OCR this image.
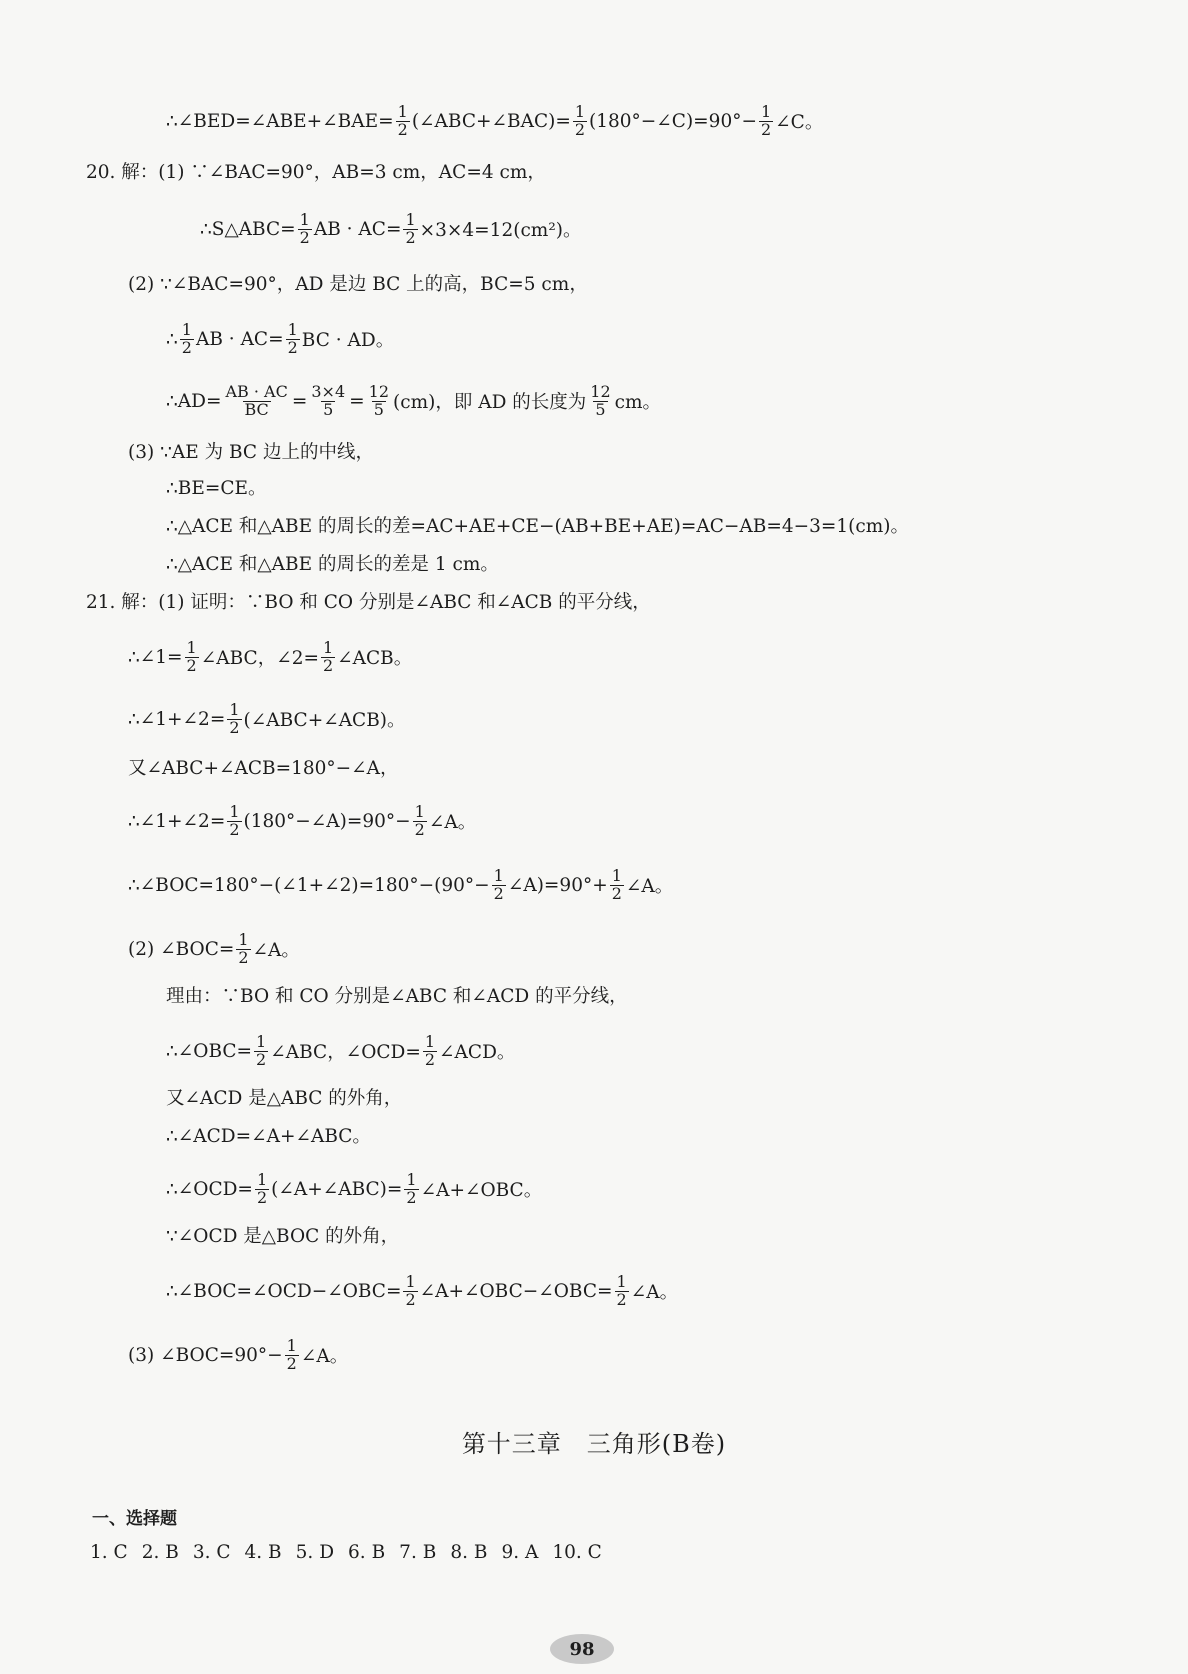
∴∠BED=∠ABE+∠BAE= $\frac{1}{2}$ (∠ABC+∠BAC)= $\frac{1}{2}$ (180°−∠C)=90°− $\frac{1}{2}$ ∠C。
20. 解：(1) ∵∠BAC=90°，AB=3 cm，AC=4 cm，
∴S△ABC= $\frac{1}{2}$ AB · $AC= \frac{1}{2} \times 3\times 4=12(cm^2)$。
(2) ∵∠BAC=90°，AD 是边 BC 上的高，BC=5 cm，
∴ $\frac{1}{2}$ AB · $AC= \frac{1}{2}$ BC · AD。
∴AD= $\frac{AB \cdot AC}{BC} = \frac{3\times 4}{5} = \frac{12}{5} (cm)$，即 AD 的长度为 $\frac{12}{5}$ cm。
(3) ∵AE 为 BC 边上的中线，
∴BE=CE。
∴△ACE 和△ABE 的周长的差=AC+AE+CE−(AB+BE+AE)=AC−AB=4−3=1(cm)。
∴△ACE 和△ABE 的周长的差是 1 cm。
21. 解：(1) 证明：∵BO 和 CO 分别是∠ABC 和∠ACB 的平分线，
∴∠1= $\frac{1}{2}$ ∠ABC，∠2= $\frac{1}{2}$ ∠ACB。
∴∠1+∠2= $\frac{1}{2}$ (∠ABC+∠ACB)。
又∠ABC+∠ACB=180°−∠A，
∴∠1+∠2= $\frac{1}{2}$ (180°−∠A)=90°− $\frac{1}{2}$ ∠A。
∴∠BOC=180°−(∠1+∠2)=180°−(90°− $\frac{1}{2}$ ∠A)=90°+ $\frac{1}{2}$ ∠A。
(2) ∠BOC= $\frac{1}{2}$ ∠A。
理由：∵BO 和 CO 分别是∠ABC 和∠ACD 的平分线，
∴∠OBC= $\frac{1}{2}$ ∠ABC，∠OCD= $\frac{1}{2}$ ∠ACD。
又∠ACD 是△ABC 的外角，
∴∠ACD=∠A+∠ABC。
∴∠OCD= $\frac{1}{2}$ (∠A+∠ABC)= $\frac{1}{2}$ ∠A+∠OBC。
∵∠OCD 是△BOC 的外角，
∴∠BOC=∠OCD−∠OBC= $\frac{1}{2}$ ∠A+∠OBC−∠OBC= $\frac{1}{2}$ ∠A。
(3) ∠BOC=90°− $\frac{1}{2}$ ∠A。
第十三章　三角形(B卷)
一、选择题
1. C 2. B 3. C 4. B 5. D 6. B 7. B 8. B 9. A 10. C
98
